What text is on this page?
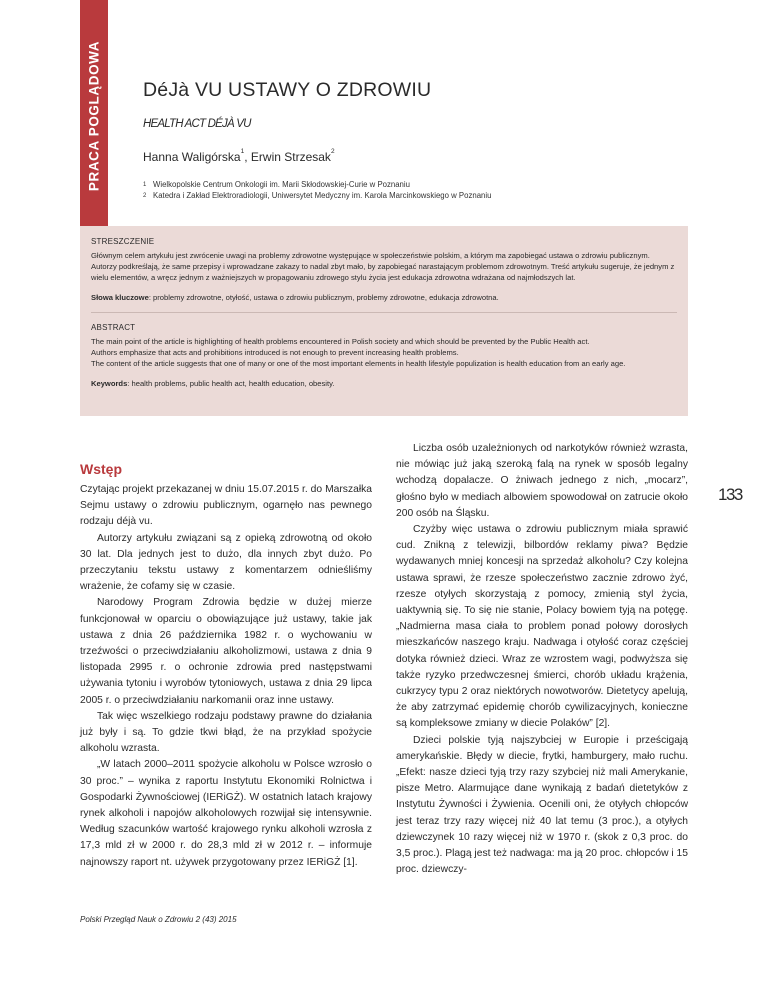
PRACA POGLĄDOWA DéJà VU USTAWY O ZDROWIU
HEALTH ACT DÉJÀ VU
Hanna Waligórska$^1$, Erwin Strzesak$^2$
1 Wielkopolskie Centrum Onkologii im. Marii Skłodowskiej-Curie w Poznaniu
2 Katedra i Zakład Elektroradiologii, Uniwersytet Medyczny im. Karola Marcinkowskiego w Poznaniu
STRESZCZENIE

Głównym celem artykułu jest zwrócenie uwagi na problemy zdrowotne występujące w społeczeństwie polskim, a którym ma zapobiegać ustawa o zdrowiu publicznym. Autorzy podkreślają, że same przepisy i wprowadzane zakazy to nadal zbyt mało, by zapobiegać narastającym problemom zdrowotnym. Treść artykułu sugeruje, że jednym z wielu elementów, a wręcz jednym z ważniejszych w propagowaniu zdrowego stylu życia jest edukacja zdrowotna wdrażana od najmłodszych lat.

Słowa kluczowe: problemy zdrowotne, otyłość, ustawa o zdrowiu publicznym, problemy zdrowotne, edukacja zdrowotna.

ABSTRACT

The main point of the article is highlighting of health problems encountered in Polish society and which should be prevented by the Public Health act.

Authors emphasize that acts and prohibitions introduced is not enough to prevent increasing health problems.

The content of the article suggests that one of many or one of the most important elements in health lifestyle populization is health education from an early age.

Keywords: health problems, public health act, health education, obesity.

Wstęp

Czytając projekt przekazanej w dniu 15.07.2015 r. do Marszałka Sejmu ustawy o zdrowiu publicznym, ogarnęło nas pewnego rodzaju déjà vu.

Autorzy artykułu związani są z opieką zdrowotną od około 30 lat. Dla jednych jest to dużo, dla innych zbyt dużo. Po przeczytaniu tekstu ustawy z komentarzem odnieśliśmy wrażenie, że cofamy się w czasie.

Narodowy Program Zdrowia będzie w dużej mierze funkcjonował w oparciu o obowiązujące już ustawy, takie jak ustawa z dnia 26 października 1982 r. o wychowaniu w trzeźwości o przeciwdziałaniu alkoholizmowi, ustawa z dnia 9 listopada 2995 r. o ochronie zdrowia pred następstwami używania tytoniu i wyrobów tytoniowych, ustawa z dnia 29 lipca 2005 r. o przeciwdziałaniu narkomanii oraz inne ustawy.

Tak więc wszelkiego rodzaju podstawy prawne do działania już były i są. To gdzie tkwi błąd, że na przykład spożycie alkoholu wzrasta.

„W latach 2000–2011 spożycie alkoholu w Polsce wzrosło o 30 proc.” – wynika z raportu Instytutu Ekonomiki Rolnictwa i Gospodarki Żywnościowej (IERiGŻ). W ostatnich latach krajowy rynek alkoholi i napojów alkoholowych rozwijał się intensywnie. Według szacunków wartość krajowego rynku alkoholi wzrosła z 17,3 mld zł w 2000 r. do 28,3 mld zł w 2012 r. – informuje najnowszy raport nt. używek przygotowany przez IERiGŻ [1].

Liczba osób uzależnionych od narkotyków również wzrasta, nie mówiąc już jaką szeroką falą na rynek w sposób legalny wchodzą dopalacze. O żniwach jednego z nich, „mocarz”, głośno było w mediach albowiem spowodował on zatrucie około 200 osób na Śląsku.

Czyżby więc ustawa o zdrowiu publicznym miała sprawić cud. Znikną z telewizji, bilbordów reklamy piwa? Będzie wydawanych mniej koncesji na sprzedaż alkoholu? Czy kolejna ustawa sprawi, że rzesze społeczeństwo zacznie zdrowo żyć, rzesze otyłych skorzystają z pomocy, zmienią styl życia, uaktywnią się. To się nie stanie, Polacy bowiem tyją na potęgę. „Nadmierna masa ciała to problem ponad połowy dorosłych mieszkańców naszego kraju. Nadwaga i otyłość coraz częściej dotyka również dzieci. Wraz ze wzrostem wagi, podwyższa się także ryzyko przedwczesnej śmierci, chorób układu krążenia, cukrzycy typu 2 oraz niektórych nowotworów. Dietetycy apelują, że aby zatrzymać epidemię chorób cywilizacyjnych, konieczne są kompleksowe zmiany w diecie Polaków” [2].

Dzieci polskie tyją najszybciej w Europie i prześcigają amerykańskie. Błędy w diecie, frytki, hamburgery, mało ruchu. „Efekt: nasze dzieci tyją trzy razy szybciej niż mali Amerykanie, pisze Metro. Alarmujące dane wynikają z badań dietetyków z Instytutu Żywności i Żywienia. Ocenili oni, że otyłych chłopców jest teraz trzy razy więcej niż 40 lat temu (3 proc.), a otyłych dziewczynek 10 razy więcej niż w 1970 r. (skok z 0,3 proc. do 3,5 proc.). Plagą jest też nadwaga: ma ją 20 proc. chłopców i 15 proc. dziewczy-

133
Polski Przegląd Nauk o Zdrowiu 2 (43) 2015
